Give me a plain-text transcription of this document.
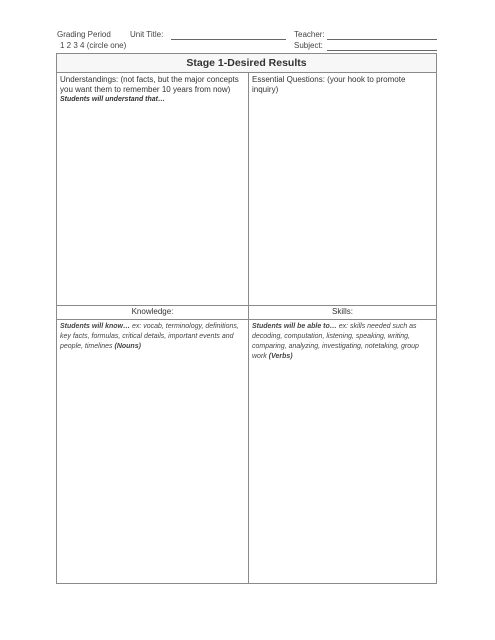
Grading Period
1 2 3 4 (circle one)
Unit Title:	Teacher:
Subject:
Stage 1-Desired Results
Understandings: (not facts, but the major concepts you want them to remember 10 years from now)
Students will understand that…
Essential Questions: (your hook to promote inquiry)
Knowledge:	Skills:
Students will know… ex: vocab, terminology, definitions, key facts, formulas, critical details, important events and people, timelines (Nouns)
Students will be able to… ex: skills needed such as decoding, computation, listening, speaking, writing, comparing, analyzing, investigating, notetaking, group work (Verbs)
